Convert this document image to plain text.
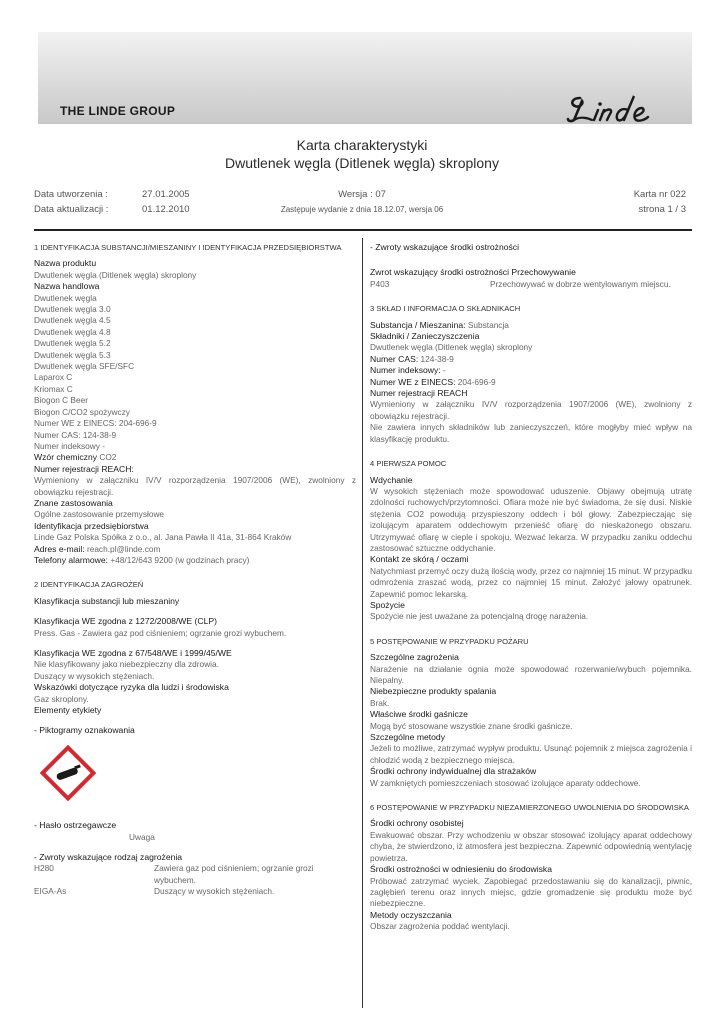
THE LINDE GROUP
Karta charakterystyki
Dwutlenek węgla (Ditlenek węgla) skroplony
Data utworzenia :	27.01.2005
Data aktualizacji :	01.12.2010
Wersja : 07
Zastępuje wydanie z dnia 18.12.07, wersja 06
Karta nr 022
strona 1 / 3
1 IDENTYFIKACJA SUBSTANCJI/MIESZANINY I IDENTYFIKACJA PRZEDSIĘBIORSTWA
Nazwa produktu
Dwutlenek węgla (Ditlenek węgla) skroplony
Nazwa handlowa
Dwutlenek węgla
Dwutlenek węgla 3.0
Dwutlenek węgla 4.5
Dwutlenek węgla 4.8
Dwutlenek węgla 5.2
Dwutlenek węgla 5.3
Dwutlenek węgla SFE/SFC
Laparox C
Kriomax C
Biogon C Beer
Biogon C/CO2 spożywczy
Numer WE z EINECS: 204-696-9
Numer CAS: 124-38-9
Numer indeksowy -
Wzór chemiczny CO2
Numer rejestracji REACH:
Wymieniony w załączniku IV/V rozporządzenia 1907/2006 (WE), zwolniony z obowiązku rejestracji.
Znane zastosowania
Ogólne zastosowanie przemysłowe
Identyfikacja przedsiębiorstwa
Linde Gaz Polska Spółka z o.o., al. Jana Pawła II 41a, 31-864 Kraków
Adres e-mail: reach.pl@linde.com
Telefony alarmowe: +48/12/643 9200 (w godzinach pracy)
2 IDENTYFIKACJA ZAGROŻEŃ
Klasyfikacja substancji lub mieszaniny
Klasyfikacja WE zgodna z 1272/2008/WE (CLP)
Press. Gas - Zawiera gaz pod ciśnieniem; ogrzanie grozi wybuchem.
Klasyfikacja WE zgodna z 67/548/WE i 1999/45/WE
Nie klasyfikowany jako niebezpieczny dla zdrowia.
Duszący w wysokich stężeniach.
Wskazówki dotyczące ryzyka dla ludzi i środowiska
Gaz skroplony.
Elementy etykiety
- Piktogramy oznakowania
- Hasło ostrzegawcze
Uwaga
- Zwroty wskazujące rodzaj zagrożenia
H280	Zawiera gaz pod ciśnieniem; ogrzanie grozi wybuchem.
EIGA-As	Duszący w wysokich stężeniach.
- Zwroty wskazujące środki ostrożności
Zwrot wskazujący środki ostrożności Przechowywanie
P403	Przechowywać w dobrze wentylowanym miejscu.
3 SKŁAD I INFORMACJA O SKŁADNIKACH
Substancja / Mieszanina: Substancja
Składniki / Zanieczyszczenia
Dwutlenek węgla (Ditlenek węgla) skroplony
Numer CAS: 124-38-9
Numer indeksowy: -
Numer WE z EINECS: 204-696-9
Numer rejestracji REACH
Wymieniony w załączniku IV/V rozporządzenia 1907/2006 (WE), zwolniony z obowiązku rejestracji.
Nie zawiera innych składników lub zanieczyszczeń, które mogłyby mieć wpływ na klasyfikację produktu.
4 PIERWSZA POMOC
Wdychanie
W wysokich stężeniach może spowodować uduszenie. Objawy obejmują utratę zdolności ruchowych/przytomności. Ofiara może nie być świadoma, że się dusi. Niskie stężenia CO2 powodują przyspieszony oddech i ból głowy. Zabezpieczając się izolującym aparatem oddechowym przenieść ofiarę do nieskażonego obszaru. Utrzymywać ofiarę w cieple i spokoju. Wezwać lekarza. W przypadku zaniku oddechu zastosować sztuczne oddychanie.
Kontakt ze skórą / oczami
Natychmiast przemyć oczy dużą ilością wody, przez co najmniej 15 minut. W przypadku odmrożenia zraszać wodą, przez co najmniej 15 minut. Założyć jałowy opatrunek. Zapewnić pomoc lekarską.
Spożycie
Spożycie nie jest uważane za potencjalną drogę narażenia.
5 POSTĘPOWANIE W PRZYPADKU POŻARU
Szczególne zagrożenia
Narażenie na działanie ognia może spowodować rozerwanie/wybuch pojemnika. Niepalny.
Niebezpieczne produkty spalania
Brak.
Właściwe środki gaśnicze
Mogą być stosowane wszystkie znane środki gaśnicze.
Szczególne metody
Jeżeli to możliwe, zatrzymać wypływ produktu. Usunąć pojemnik z miejsca zagrożenia i chłodzić wodą z bezpiecznego miejsca.
Środki ochrony indywidualnej dla strażaków
W zamkniętych pomieszczeniach stosować izolujące aparaty oddechowe.
6 POSTĘPOWANIE W PRZYPADKU NIEZAMIERZONEGO UWOLNIENIA DO ŚRODOWISKA
Środki ochrony osobistej
Ewakuować obszar. Przy wchodzeniu w obszar stosować izolujący aparat oddechowy chyba, że stwierdzono, iż atmosfera jest bezpieczna. Zapewnić odpowiednią wentylację powietrza.
Środki ostrożności w odniesieniu do środowiska
Próbować zatrzymać wyciek. Zapobiegać przedostawaniu się do kanalizacji, piwnic, zagłębień terenu oraz innych miejsc, gdzie gromadzenie się produktu może być niebezpieczne.
Metody oczyszczania
Obszar zagrożenia poddać wentylacji.
